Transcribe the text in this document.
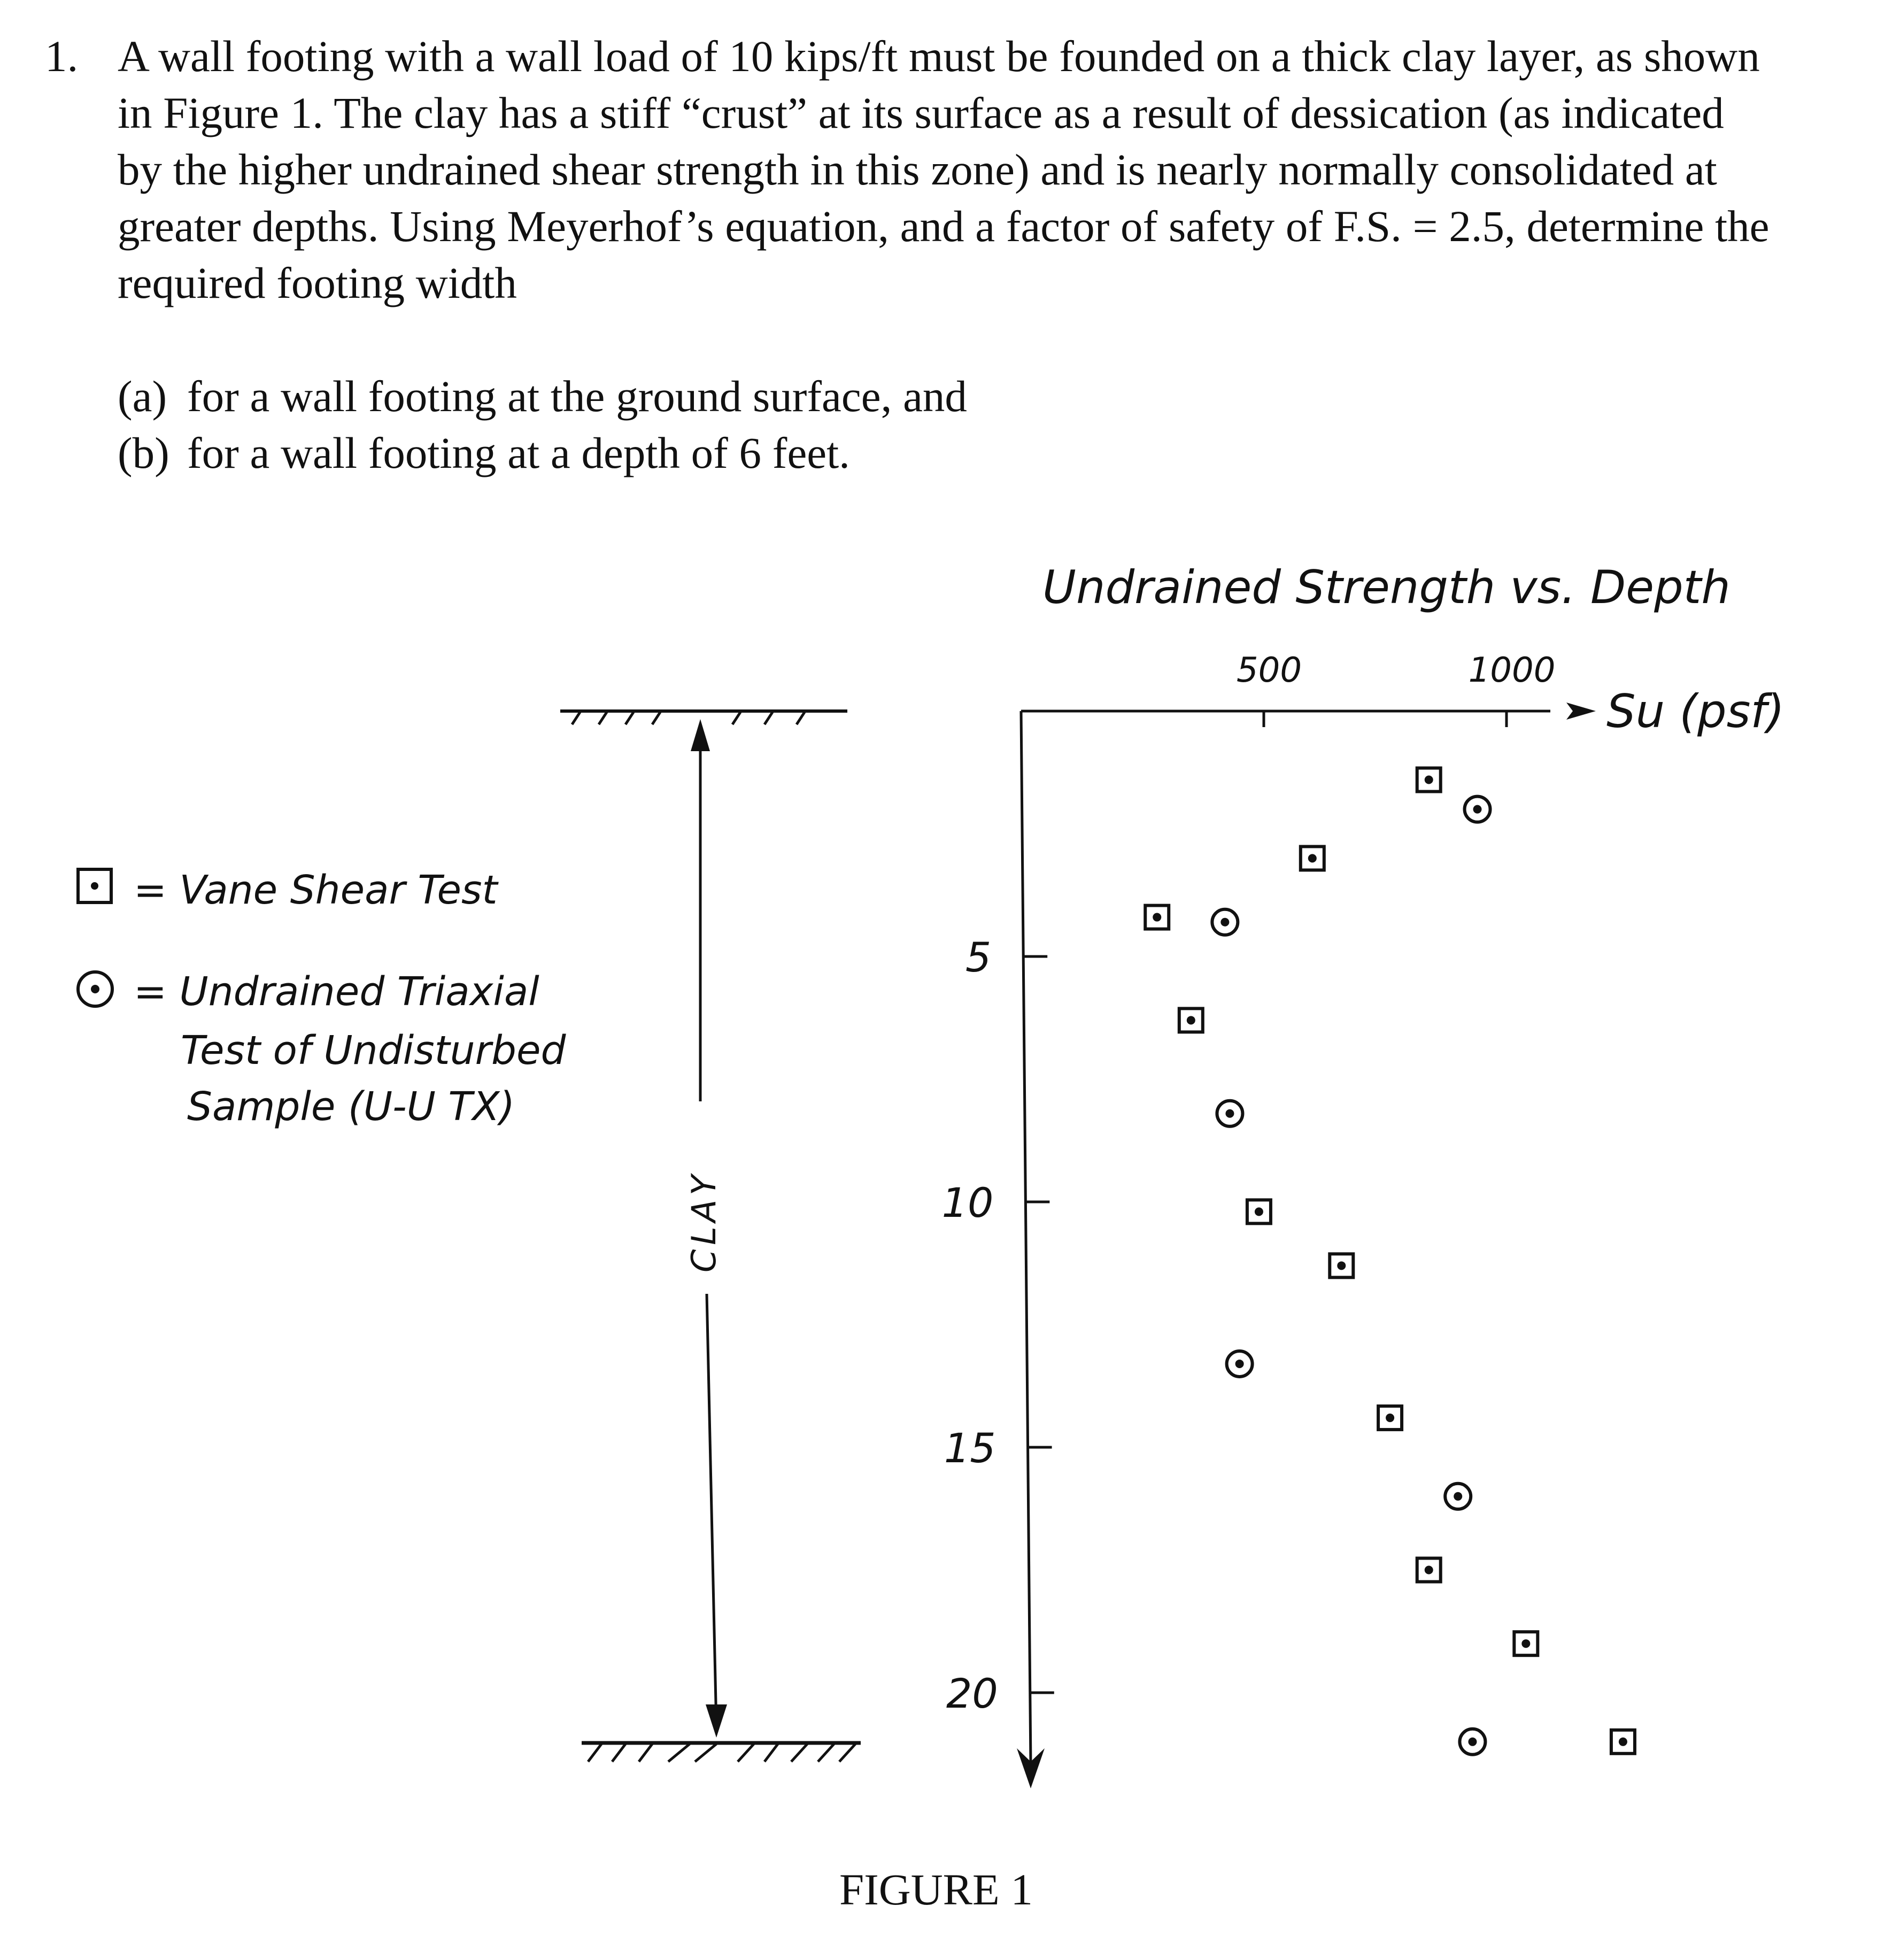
1. A wall footing with a wall load of 10 kips/ft must be founded on a thick clay layer, as shown
in Figure 1. The clay has a stiff “crust” at its surface as a result of dessication (as indicated
by the higher undrained shear strength in this zone) and is nearly normally consolidated at
greater depths. Using Meyerhof’s equation, and a factor of safety of F.S. = 2.5, determine the
required footing width
(a) for a wall footing at the ground surface, and
(b) for a wall footing at a depth of 6 feet.
= Vane Shear Test
= Undrained Triaxial
Test of Undisturbed
Sample (U-U TX)
CLAY
Undrained Strength vs. Depth
Su (psf)
500	1000
5
10
15
20
FIGURE 1
